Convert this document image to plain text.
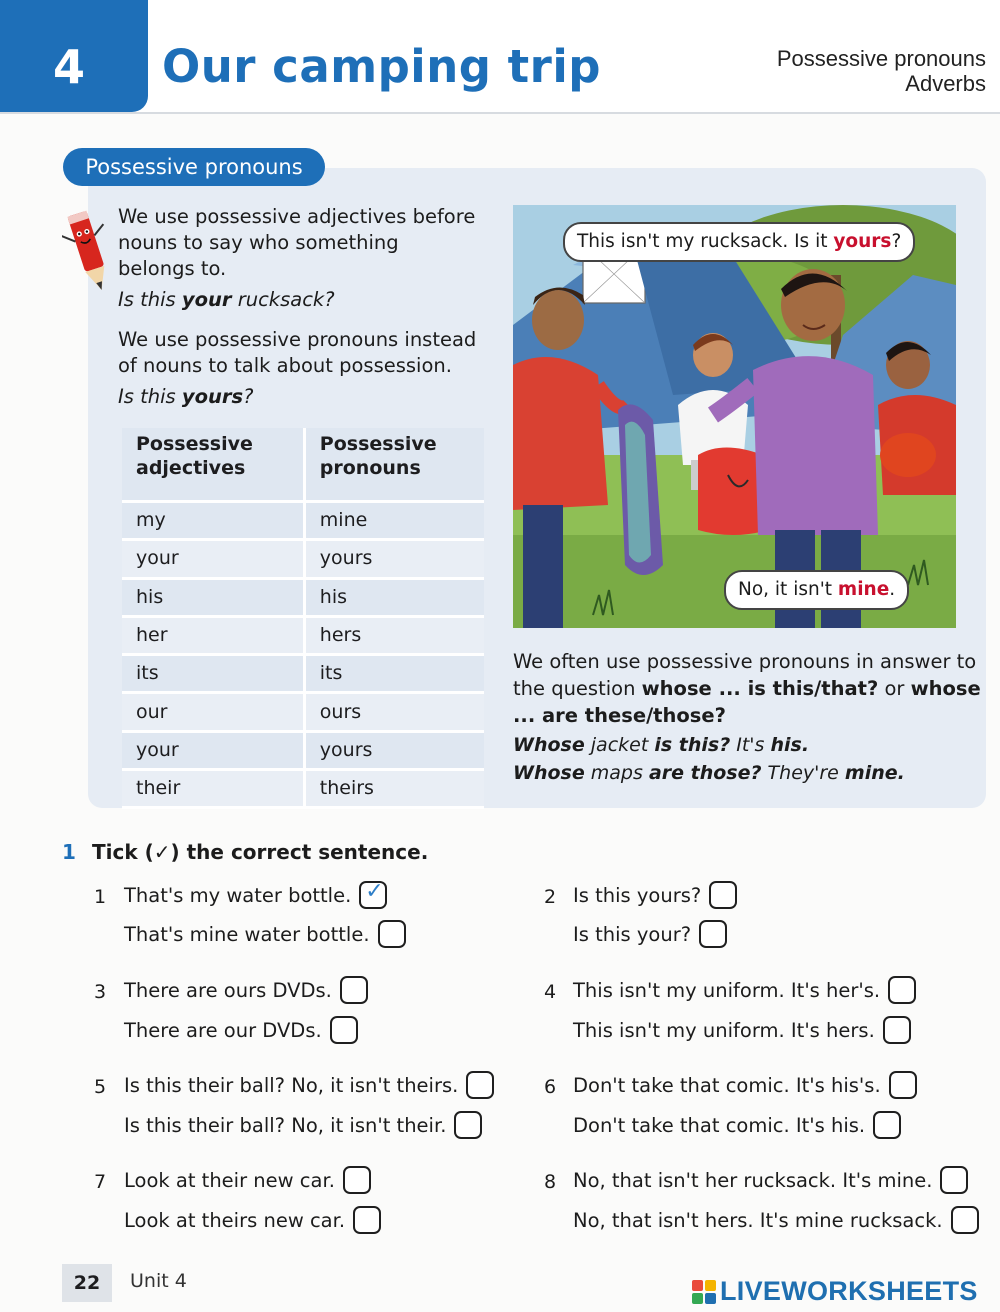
4	Our camping trip	Possessive pronouns
Adverbs
Possessive pronouns
We use possessive adjectives before nouns to say who something belongs to.
Is this your rucksack?
We use possessive pronouns instead of nouns to talk about possession.
Is this yours?
Possessive adjectives	Possessive pronouns
my	mine
your	yours
his	his
her	hers
its	its
our	ours
your	yours
their	theirs
This isn't my rucksack. Is it yours?
No, it isn't mine.
We often use possessive pronouns in answer to the question whose ... is this/that? or whose ... are these/those?
Whose jacket is this? It's his.
Whose maps are those? They're mine.
1 Tick (✓) the correct sentence.
1 That's my water bottle.
✓
That's mine water bottle.
2 Is this yours?
Is this your?
3 There are ours DVDs.
There are our DVDs.
4 This isn't my uniform. It's her's.
This isn't my uniform. It's hers.
5 Is this their ball? No, it isn't theirs.
Is this their ball? No, it isn't their.
6 Don't take that comic. It's his's.
Don't take that comic. It's his.
7 Look at their new car.
Look at theirs new car.
8 No, that isn't her rucksack. It's mine.
No, that isn't hers. It's mine rucksack.
22	Unit 4	LIVEWORKSHEETS
